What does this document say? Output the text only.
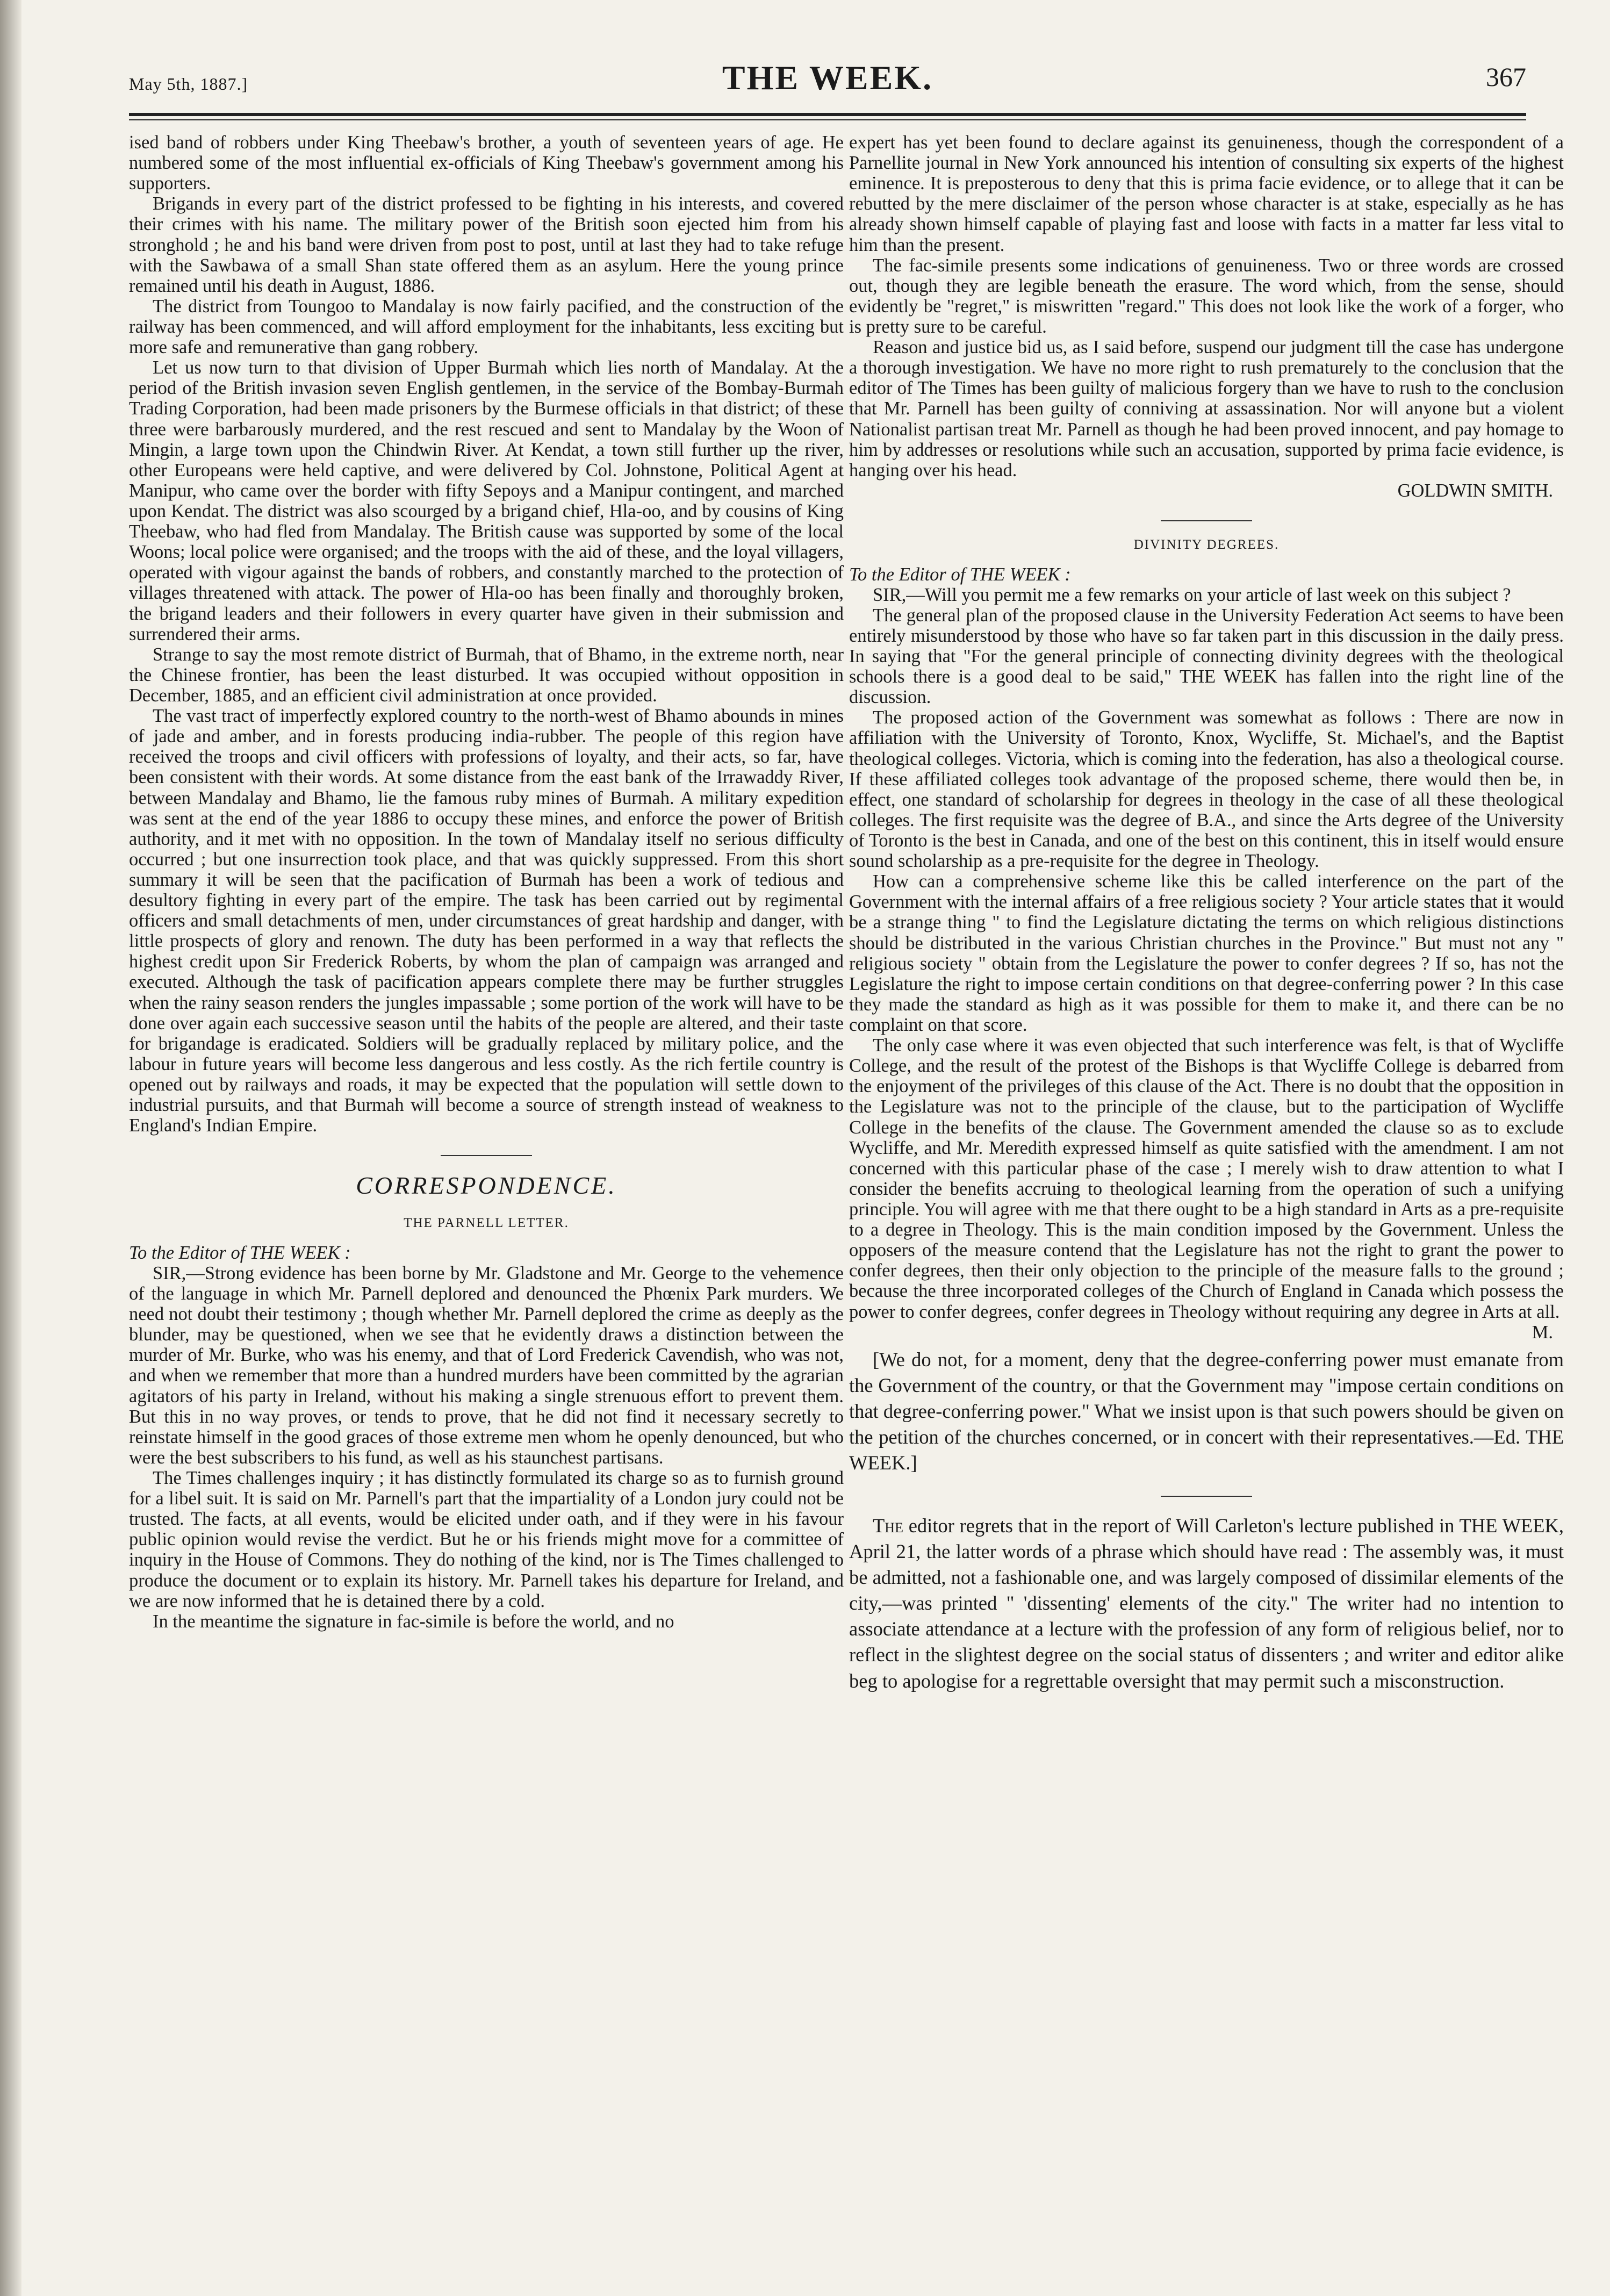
May 5th, 1887.]	THE WEEK.	367

ised band of robbers under King Theebaw's brother, a youth of seventeen years of age. He numbered some of the most influential ex-officials of King Theebaw's government among his supporters.

Brigands in every part of the district professed to be fighting in his interests, and covered their crimes with his name. The military power of the British soon ejected him from his stronghold ; he and his band were driven from post to post, until at last they had to take refuge with the Sawbawa of a small Shan state offered them as an asylum. Here the young prince remained until his death in August, 1886.

The district from Toungoo to Mandalay is now fairly pacified, and the construction of the railway has been commenced, and will afford employment for the inhabitants, less exciting but more safe and remunerative than gang robbery.

Let us now turn to that division of Upper Burmah which lies north of Mandalay. At the period of the British invasion seven English gentlemen, in the service of the Bombay-Burmah Trading Corporation, had been made prisoners by the Burmese officials in that district; of these three were barbarously murdered, and the rest rescued and sent to Mandalay by the Woon of Mingin, a large town upon the Chindwin River. At Kendat, a town still further up the river, other Europeans were held captive, and were delivered by Col. Johnstone, Political Agent at Manipur, who came over the border with fifty Sepoys and a Manipur contingent, and marched upon Kendat. The district was also scourged by a brigand chief, Hla-oo, and by cousins of King Theebaw, who had fled from Mandalay. The British cause was supported by some of the local Woons; local police were organised; and the troops with the aid of these, and the loyal villagers, operated with vigour against the bands of robbers, and constantly marched to the protection of villages threatened with attack. The power of Hla-oo has been finally and thoroughly broken, the brigand leaders and their followers in every quarter have given in their submission and surrendered their arms.

Strange to say the most remote district of Burmah, that of Bhamo, in the extreme north, near the Chinese frontier, has been the least disturbed. It was occupied without opposition in December, 1885, and an efficient civil administration at once provided.

The vast tract of imperfectly explored country to the north-west of Bhamo abounds in mines of jade and amber, and in forests producing india-rubber. The people of this region have received the troops and civil officers with professions of loyalty, and their acts, so far, have been consistent with their words. At some distance from the east bank of the Irrawaddy River, between Mandalay and Bhamo, lie the famous ruby mines of Burmah. A military expedition was sent at the end of the year 1886 to occupy these mines, and enforce the power of British authority, and it met with no opposition. In the town of Mandalay itself no serious difficulty occurred ; but one insurrection took place, and that was quickly suppressed. From this short summary it will be seen that the pacification of Burmah has been a work of tedious and desultory fighting in every part of the empire. The task has been carried out by regimental officers and small detachments of men, under circumstances of great hardship and danger, with little prospects of glory and renown. The duty has been performed in a way that reflects the highest credit upon Sir Frederick Roberts, by whom the plan of campaign was arranged and executed. Although the task of pacification appears complete there may be further struggles when the rainy season renders the jungles impassable ; some portion of the work will have to be done over again each successive season until the habits of the people are altered, and their taste for brigandage is eradicated. Soldiers will be gradually replaced by military police, and the labour in future years will become less dangerous and less costly. As the rich fertile country is opened out by railways and roads, it may be expected that the population will settle down to industrial pursuits, and that Burmah will become a source of strength instead of weakness to England's Indian Empire.

CORRESPONDENCE.
THE PARNELL LETTER.

To the Editor of THE WEEK :

SIR,—Strong evidence has been borne by Mr. Gladstone and Mr. George to the vehemence of the language in which Mr. Parnell deplored and denounced the Phœnix Park murders. We need not doubt their testimony ; though whether Mr. Parnell deplored the crime as deeply as the blunder, may be questioned, when we see that he evidently draws a distinction between the murder of Mr. Burke, who was his enemy, and that of Lord Frederick Cavendish, who was not, and when we remember that more than a hundred murders have been committed by the agrarian agitators of his party in Ireland, without his making a single strenuous effort to prevent them. But this in no way proves, or tends to prove, that he did not find it necessary secretly to reinstate himself in the good graces of those extreme men whom he openly denounced, but who were the best subscribers to his fund, as well as his staunchest partisans.

The Times challenges inquiry ; it has distinctly formulated its charge so as to furnish ground for a libel suit. It is said on Mr. Parnell's part that the impartiality of a London jury could not be trusted. The facts, at all events, would be elicited under oath, and if they were in his favour public opinion would revise the verdict. But he or his friends might move for a committee of inquiry in the House of Commons. They do nothing of the kind, nor is The Times challenged to produce the document or to explain its history. Mr. Parnell takes his departure for Ireland, and we are now informed that he is detained there by a cold.

In the meantime the signature in fac-simile is before the world, and no

expert has yet been found to declare against its genuineness, though the correspondent of a Parnellite journal in New York announced his intention of consulting six experts of the highest eminence. It is preposterous to deny that this is prima facie evidence, or to allege that it can be rebutted by the mere disclaimer of the person whose character is at stake, especially as he has already shown himself capable of playing fast and loose with facts in a matter far less vital to him than the present.

The fac-simile presents some indications of genuineness. Two or three words are crossed out, though they are legible beneath the erasure. The word which, from the sense, should evidently be "regret," is miswritten "regard." This does not look like the work of a forger, who is pretty sure to be careful.

Reason and justice bid us, as I said before, suspend our judgment till the case has undergone a thorough investigation. We have no more right to rush prematurely to the conclusion that the editor of The Times has been guilty of malicious forgery than we have to rush to the conclusion that Mr. Parnell has been guilty of conniving at assassination. Nor will anyone but a violent Nationalist partisan treat Mr. Parnell as though he had been proved innocent, and pay homage to him by addresses or resolutions while such an accusation, supported by prima facie evidence, is hanging over his head.

GOLDWIN SMITH.
DIVINITY DEGREES.

To the Editor of THE WEEK :

SIR,—Will you permit me a few remarks on your article of last week on this subject ?

The general plan of the proposed clause in the University Federation Act seems to have been entirely misunderstood by those who have so far taken part in this discussion in the daily press. In saying that "For the general principle of connecting divinity degrees with the theological schools there is a good deal to be said," THE WEEK has fallen into the right line of the discussion.

The proposed action of the Government was somewhat as follows : There are now in affiliation with the University of Toronto, Knox, Wycliffe, St. Michael's, and the Baptist theological colleges. Victoria, which is coming into the federation, has also a theological course. If these affiliated colleges took advantage of the proposed scheme, there would then be, in effect, one standard of scholarship for degrees in theology in the case of all these theological colleges. The first requisite was the degree of B.A., and since the Arts degree of the University of Toronto is the best in Canada, and one of the best on this continent, this in itself would ensure sound scholarship as a pre-requisite for the degree in Theology.

How can a comprehensive scheme like this be called interference on the part of the Government with the internal affairs of a free religious society ? Your article states that it would be a strange thing " to find the Legislature dictating the terms on which religious distinctions should be distributed in the various Christian churches in the Province." But must not any " religious society " obtain from the Legislature the power to confer degrees ? If so, has not the Legislature the right to impose certain conditions on that degree-conferring power ? In this case they made the standard as high as it was possible for them to make it, and there can be no complaint on that score.

The only case where it was even objected that such interference was felt, is that of Wycliffe College, and the result of the protest of the Bishops is that Wycliffe College is debarred from the enjoyment of the privileges of this clause of the Act. There is no doubt that the opposition in the Legislature was not to the principle of the clause, but to the participation of Wycliffe College in the benefits of the clause. The Government amended the clause so as to exclude Wycliffe, and Mr. Meredith expressed himself as quite satisfied with the amendment. I am not concerned with this particular phase of the case ; I merely wish to draw attention to what I consider the benefits accruing to theological learning from the operation of such a unifying principle. You will agree with me that there ought to be a high standard in Arts as a pre-requisite to a degree in Theology. This is the main condition imposed by the Government. Unless the opposers of the measure contend that the Legislature has not the right to grant the power to confer degrees, then their only objection to the principle of the measure falls to the ground ; because the three incorporated colleges of the Church of England in Canada which possess the power to confer degrees, confer degrees in Theology without requiring any degree in Arts at all.

M.

[We do not, for a moment, deny that the degree-conferring power must emanate from the Government of the country, or that the Government may "impose certain conditions on that degree-conferring power." What we insist upon is that such powers should be given on the petition of the churches concerned, or in concert with their representatives.—Ed. THE WEEK.]

The editor regrets that in the report of Will Carleton's lecture published in THE WEEK, April 21, the latter words of a phrase which should have read : The assembly was, it must be admitted, not a fashionable one, and was largely composed of dissimilar elements of the city,—was printed " 'dissenting' elements of the city." The writer had no intention to associate attendance at a lecture with the profession of any form of religious belief, nor to reflect in the slightest degree on the social status of dissenters ; and writer and editor alike beg to apologise for a regrettable oversight that may permit such a misconstruction.
